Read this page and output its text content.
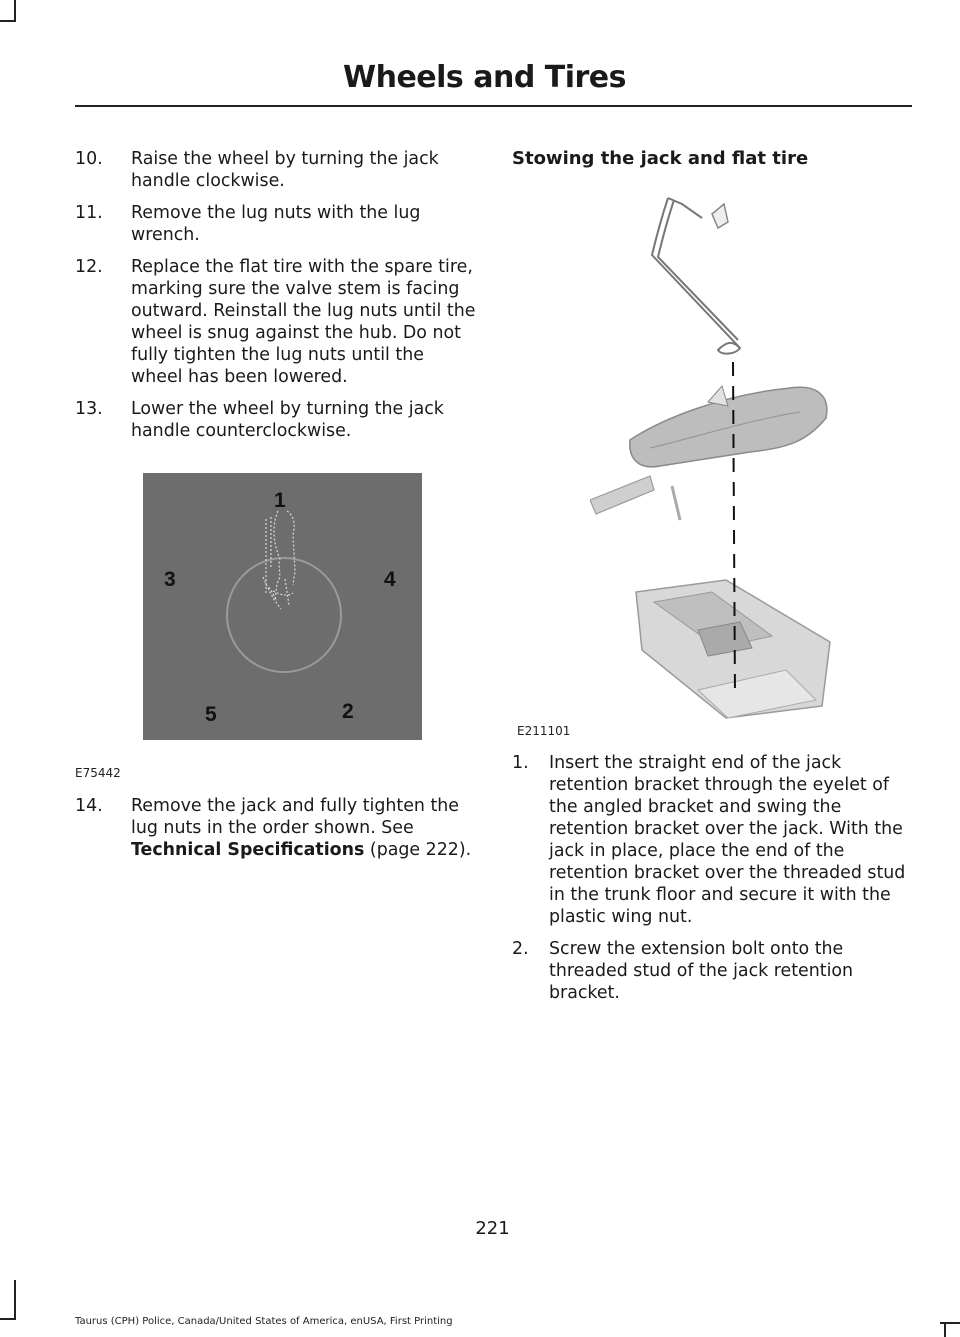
Wheels and Tires
10.	Raise the wheel by turning the jack handle clockwise.
11.	Remove the lug nuts with the lug wrench.
12.	Replace the flat tire with the spare tire, marking sure the valve stem is facing outward. Reinstall the lug nuts until the wheel is snug against the hub. Do not fully tighten the lug nuts until the wheel has been lowered.
13.	Lower the wheel by turning the jack handle counterclockwise.
1
2
3	4
5
E75442
14.	Remove the jack and fully tighten the lug nuts in the order shown. See Technical Specifications (page 222).
Stowing the jack and flat tire
E211101
1.	Insert the straight end of the jack retention bracket through the eyelet of the angled bracket and swing the retention bracket over the jack. With the jack in place, place the end of the retention bracket over the threaded stud in the trunk floor and secure it with the plastic wing nut.
2.	Screw the extension bolt onto the threaded stud of the jack retention bracket.
221
Taurus (CPH) Police, Canada/United States of America, enUSA, First Printing
